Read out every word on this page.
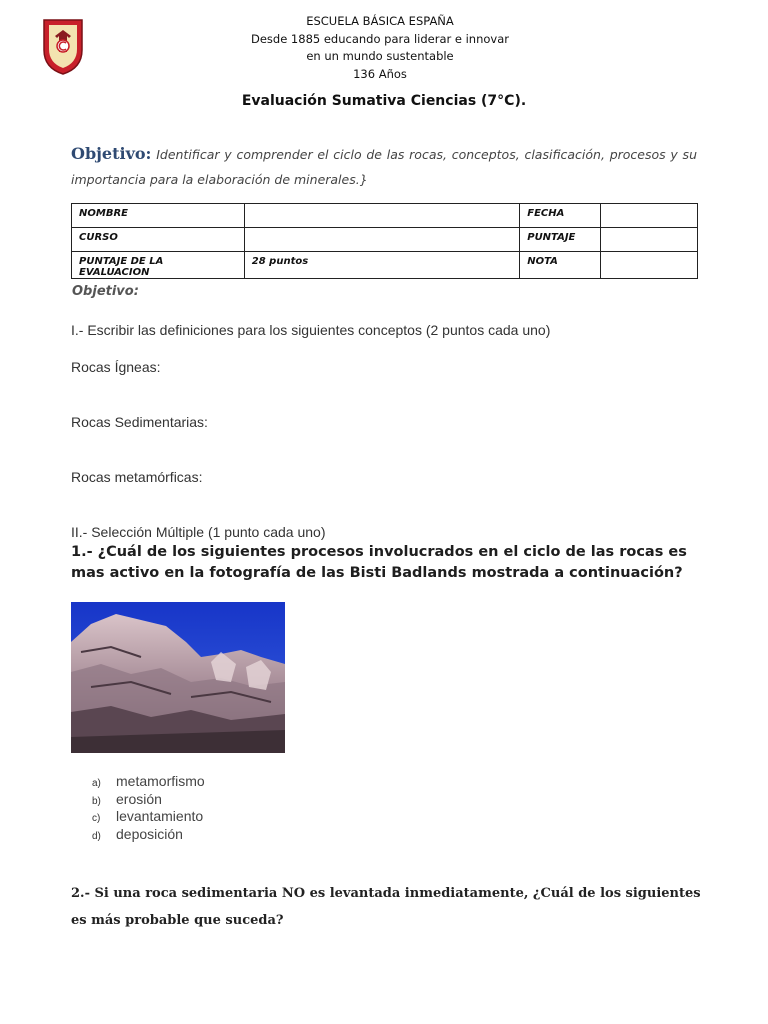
ESCUELA BÁSICA ESPAÑA
Desde 1885 educando para liderar e innovar
en un mundo sustentable
136 Años
Evaluación Sumativa Ciencias (7°C).
Objetivo: Identificar y comprender el ciclo de las rocas, conceptos, clasificación, procesos y su importancia para la elaboración de minerales.}
NOMBRE		FECHA	
CURSO		PUNTAJE	
PUNTAJE DE LA EVALUACION	28 puntos	NOTA	
Objetivo:
I.- Escribir las definiciones para los siguientes conceptos (2 puntos cada uno)
Rocas Ígneas:
Rocas Sedimentarias:
Rocas metamórficas:
II.- Selección Múltiple (1 punto cada uno)
1.- ¿Cuál de los siguientes procesos involucrados en el ciclo de las rocas es mas activo en la fotografía de las Bisti Badlands mostrada a continuación?
a)	metamorfismo
b)	erosión
c)	levantamiento
d)	deposición
2.- Si una roca sedimentaria NO es levantada inmediatamente, ¿Cuál de los siguientes es más probable que suceda?
